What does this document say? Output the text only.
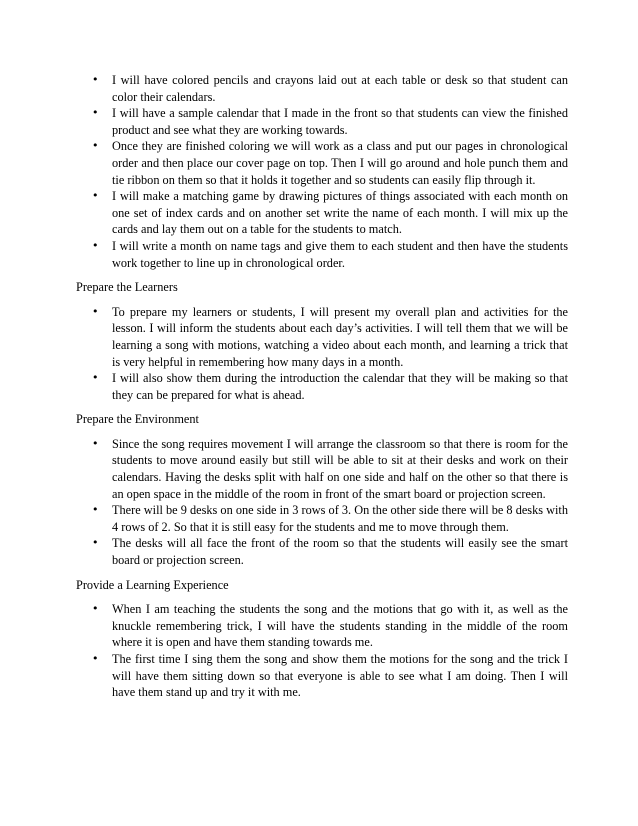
• I will have colored pencils and crayons laid out at each table or desk so that student can color their calendars.
• I will have a sample calendar that I made in the front so that students can view the finished product and see what they are working towards.
• Once they are finished coloring we will work as a class and put our pages in chronological order and then place our cover page on top. Then I will go around and hole punch them and tie ribbon on them so that it holds it together and so students can easily flip through it.
• I will make a matching game by drawing pictures of things associated with each month on one set of index cards and on another set write the name of each month. I will mix up the cards and lay them out on a table for the students to match.
• I will write a month on name tags and give them to each student and then have the students work together to line up in chronological order.
Prepare the Learners
• To prepare my learners or students, I will present my overall plan and activities for the lesson. I will inform the students about each day’s activities. I will tell them that we will be learning a song with motions, watching a video about each month, and learning a trick that is very helpful in remembering how many days in a month.
• I will also show them during the introduction the calendar that they will be making so that they can be prepared for what is ahead.
Prepare the Environment
• Since the song requires movement I will arrange the classroom so that there is room for the students to move around easily but still will be able to sit at their desks and work on their calendars. Having the desks split with half on one side and half on the other so that there is an open space in the middle of the room in front of the smart board or projection screen.
• There will be 9 desks on one side in 3 rows of 3. On the other side there will be 8 desks with 4 rows of 2. So that it is still easy for the students and me to move through them.
• The desks will all face the front of the room so that the students will easily see the smart board or projection screen.
Provide a Learning Experience
• When I am teaching the students the song and the motions that go with it, as well as the knuckle remembering trick, I will have the students standing in the middle of the room where it is open and have them standing towards me.
• The first time I sing them the song and show them the motions for the song and the trick I will have them sitting down so that everyone is able to see what I am doing. Then I will have them stand up and try it with me.
